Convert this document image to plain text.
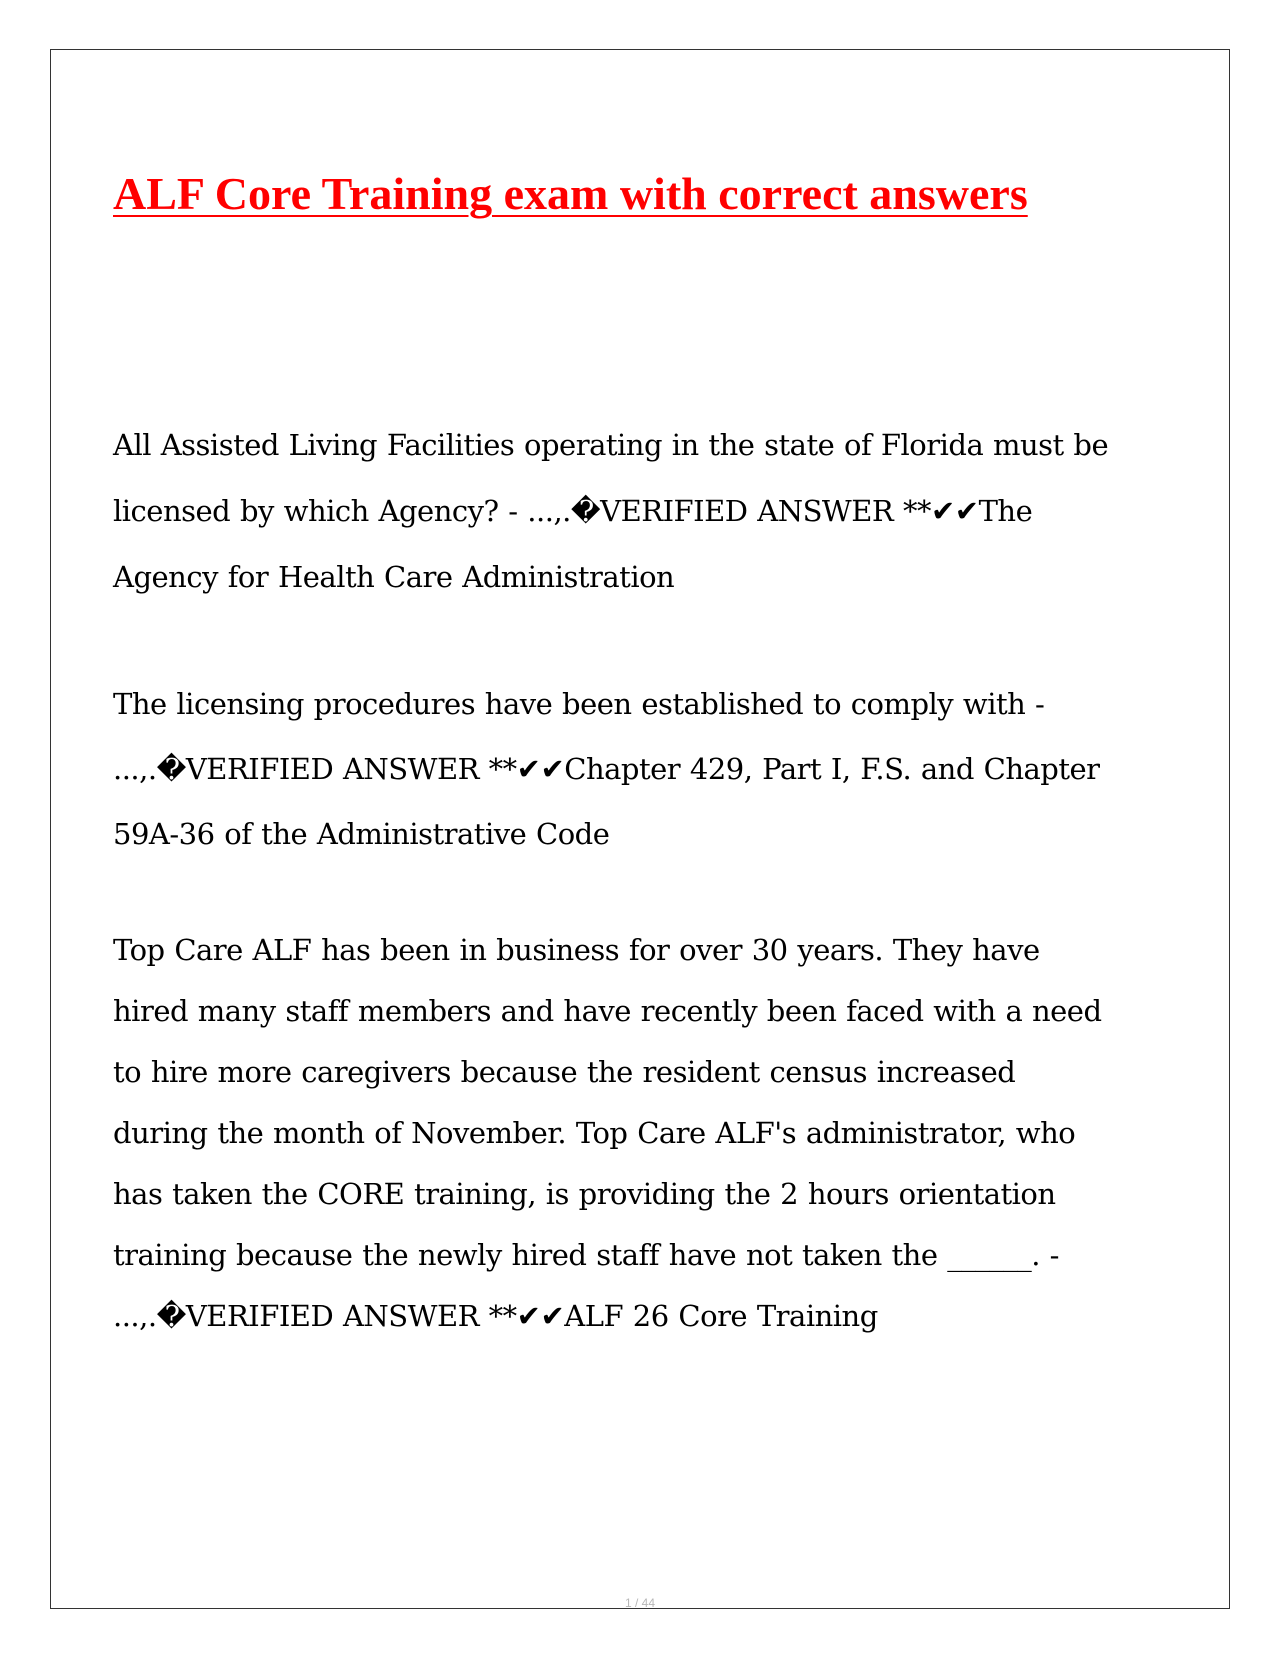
ALF Core Training exam with correct answers

All Assisted Living Facilities operating in the state of Florida must be licensed by which Agency? - ...,.�VERIFIED ANSWER **✔✔The Agency for Health Care Administration

The licensing procedures have been established to comply with - ...,.�VERIFIED ANSWER **✔✔Chapter 429, Part I, F.S. and Chapter 59A-36 of the Administrative Code

Top Care ALF has been in business for over 30 years. They have hired many staff members and have recently been faced with a need to hire more caregivers because the resident census increased during the month of November. Top Care ALF's administrator, who has taken the CORE training, is providing the 2 hours orientation training because the newly hired staff have not taken the ______. - ...,.�VERIFIED ANSWER **✔✔ALF 26 Core Training

1 / 44
